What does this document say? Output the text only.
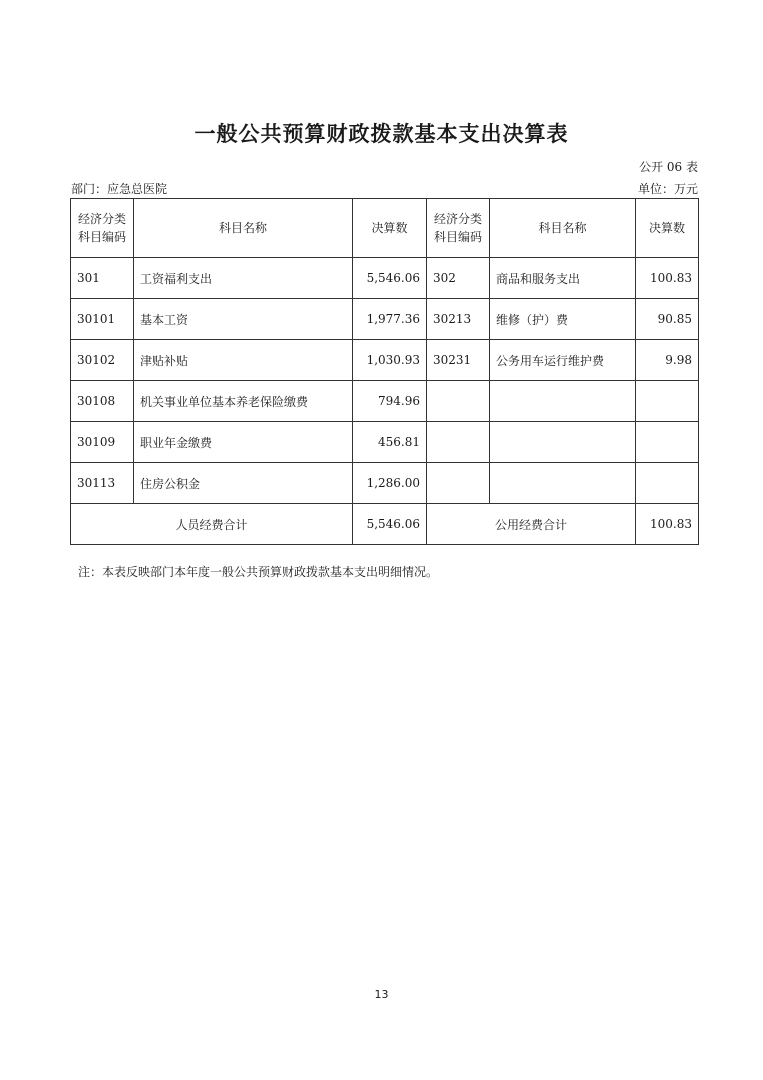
一般公共预算财政拨款基本支出决算表
公开 06 表
部门：应急总医院	单位：万元
经济分类科目编码	科目名称	决算数	经济分类科目编码	科目名称	决算数
301	工资福利支出	5,546.06	302	商品和服务支出	100.83
30101	基本工资	1,977.36	30213	维修（护）费	90.85
30102	津贴补贴	1,030.93	30231	公务用车运行维护费	9.98
30108	机关事业单位基本养老保险缴费	794.96			
30109	职业年金缴费	456.81			
30113	住房公积金	1,286.00			
人员经费合计		5,546.06	公用经费合计		100.83
注：本表反映部门本年度一般公共预算财政拨款基本支出明细情况。
13
